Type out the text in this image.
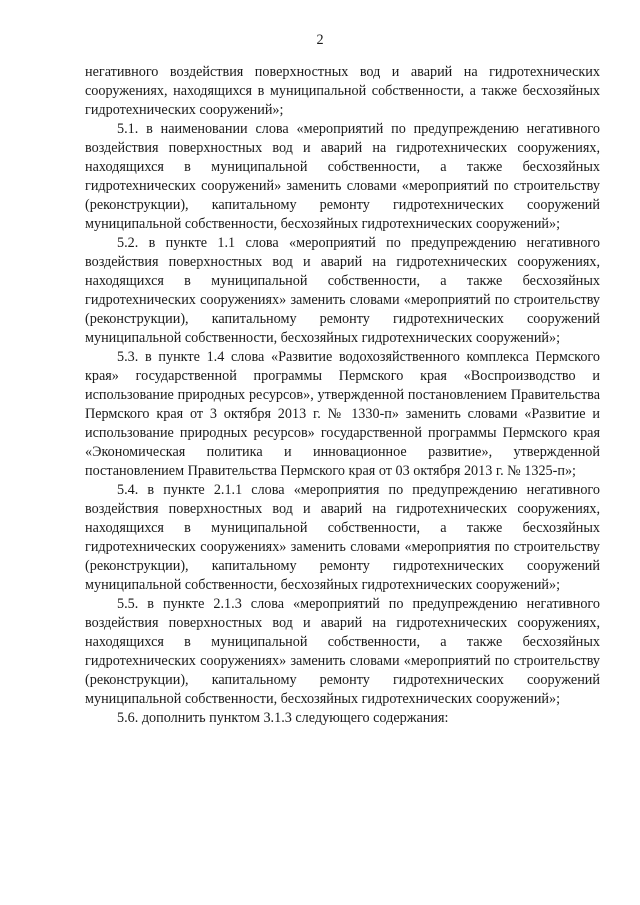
2

негативного воздействия поверхностных вод и аварий на гидротехнических сооружениях, находящихся в муниципальной собственности, а также бесхозяйных гидротехнических сооружений»;

5.1. в наименовании слова «мероприятий по предупреждению негативного воздействия поверхностных вод и аварий на гидротехнических сооружениях, находящихся в муниципальной собственности, а также бесхозяйных гидротехнических сооружений» заменить словами «мероприятий по строительству (реконструкции), капитальному ремонту гидротехнических сооружений муниципальной собственности, бесхозяйных гидротехнических сооружений»;

5.2. в пункте 1.1 слова «мероприятий по предупреждению негативного воздействия поверхностных вод и аварий на гидротехнических сооружениях, находящихся в муниципальной собственности, а также бесхозяйных гидротехнических сооружениях» заменить словами «мероприятий по строительству (реконструкции), капитальному ремонту гидротехнических сооружений муниципальной собственности, бесхозяйных гидротехнических сооружений»;

5.3. в пункте 1.4 слова «Развитие водохозяйственного комплекса Пермского края» государственной программы Пермского края «Воспроизводство и использование природных ресурсов», утвержденной постановлением Правительства Пермского края от 3 октября 2013 г. № 1330-п» заменить словами «Развитие и использование природных ресурсов» государственной программы Пермского края «Экономическая политика и инновационное развитие», утвержденной постановлением Правительства Пермского края от 03 октября 2013 г. № 1325-п»;

5.4. в пункте 2.1.1 слова «мероприятия по предупреждению негативного воздействия поверхностных вод и аварий на гидротехнических сооружениях, находящихся в муниципальной собственности, а также бесхозяйных гидротехнических сооружениях» заменить словами «мероприятия по строительству (реконструкции), капитальному ремонту гидротехнических сооружений муниципальной собственности, бесхозяйных гидротехнических сооружений»;

5.5. в пункте 2.1.3 слова «мероприятий по предупреждению негативного воздействия поверхностных вод и аварий на гидротехнических сооружениях, находящихся в муниципальной собственности, а также бесхозяйных гидротехнических сооружениях» заменить словами «мероприятий по строительству (реконструкции), капитальному ремонту гидротехнических сооружений муниципальной собственности, бесхозяйных гидротехнических сооружений»;

5.6. дополнить пунктом 3.1.3 следующего содержания:
